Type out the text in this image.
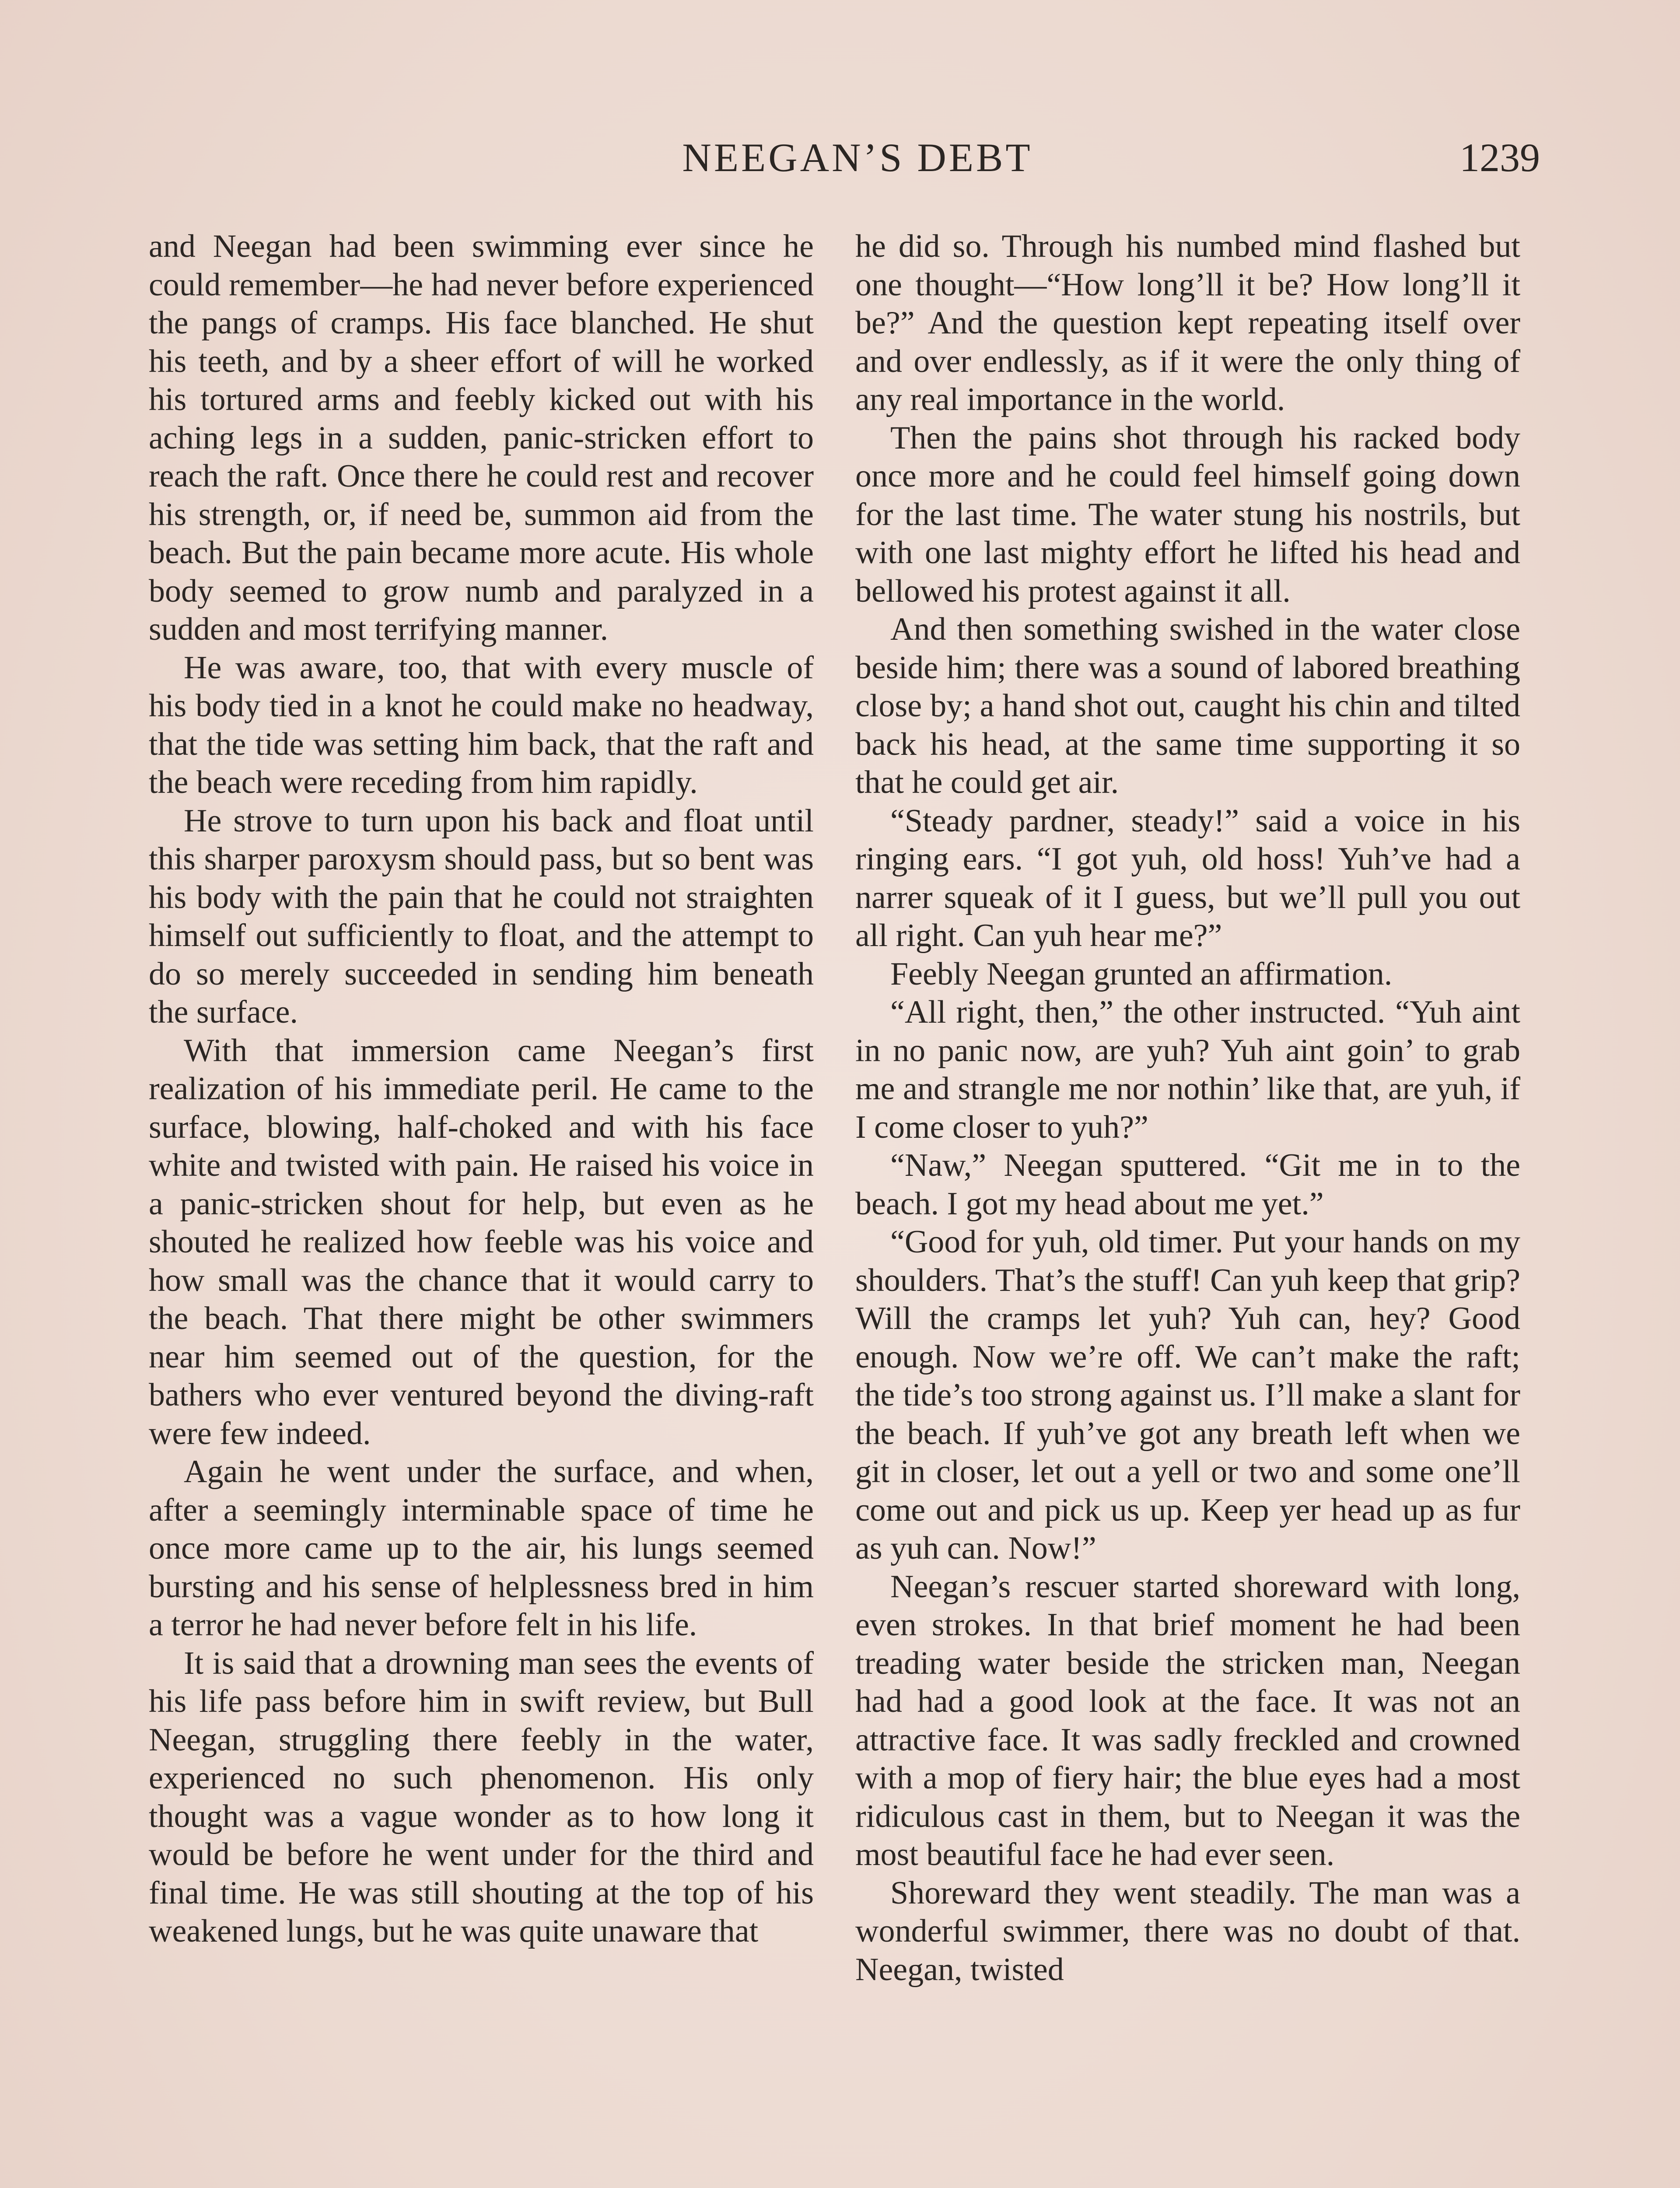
NEEGAN’S DEBT	1239

and Neegan had been swimming ever since he could remember—he had never before experienced the pangs of cramps. His face blanched. He shut his teeth, and by a sheer effort of will he worked his tortured arms and feebly kicked out with his aching legs in a sudden, panic-stricken effort to reach the raft. Once there he could rest and recover his strength, or, if need be, summon aid from the beach. But the pain became more acute. His whole body seemed to grow numb and paralyzed in a sudden and most terrifying manner.

He was aware, too, that with every muscle of his body tied in a knot he could make no headway, that the tide was setting him back, that the raft and the beach were receding from him rapidly.

He strove to turn upon his back and float until this sharper paroxysm should pass, but so bent was his body with the pain that he could not straighten himself out sufficiently to float, and the attempt to do so merely succeeded in sending him beneath the surface.

With that immersion came Neegan’s first realization of his immediate peril. He came to the surface, blowing, half-choked and with his face white and twisted with pain. He raised his voice in a panic-stricken shout for help, but even as he shouted he realized how feeble was his voice and how small was the chance that it would carry to the beach. That there might be other swimmers near him seemed out of the question, for the bathers who ever ventured beyond the diving-raft were few indeed.

Again he went under the surface, and when, after a seemingly interminable space of time he once more came up to the air, his lungs seemed bursting and his sense of helplessness bred in him a terror he had never before felt in his life.

It is said that a drowning man sees the events of his life pass before him in swift review, but Bull Neegan, struggling there feebly in the water, experienced no such phenomenon. His only thought was a vague wonder as to how long it would be before he went under for the third and final time. He was still shouting at the top of his weakened lungs, but he was quite unaware that

he did so. Through his numbed mind flashed but one thought—“How long’ll it be? How long’ll it be?” And the question kept repeating itself over and over endlessly, as if it were the only thing of any real importance in the world.

Then the pains shot through his racked body once more and he could feel himself going down for the last time. The water stung his nostrils, but with one last mighty effort he lifted his head and bellowed his protest against it all.

And then something swished in the water close beside him; there was a sound of labored breathing close by; a hand shot out, caught his chin and tilted back his head, at the same time supporting it so that he could get air.

“Steady pardner, steady!” said a voice in his ringing ears. “I got yuh, old hoss! Yuh’ve had a narrer squeak of it I guess, but we’ll pull you out all right. Can yuh hear me?”

Feebly Neegan grunted an affirmation.

“All right, then,” the other instructed. “Yuh aint in no panic now, are yuh? Yuh aint goin’ to grab me and strangle me nor nothin’ like that, are yuh, if I come closer to yuh?”

“Naw,” Neegan sputtered. “Git me in to the beach. I got my head about me yet.”

“Good for yuh, old timer. Put your hands on my shoulders. That’s the stuff! Can yuh keep that grip? Will the cramps let yuh? Yuh can, hey? Good enough. Now we’re off. We can’t make the raft; the tide’s too strong against us. I’ll make a slant for the beach. If yuh’ve got any breath left when we git in closer, let out a yell or two and some one’ll come out and pick us up. Keep yer head up as fur as yuh can. Now!”

Neegan’s rescuer started shoreward with long, even strokes. In that brief moment he had been treading water beside the stricken man, Neegan had had a good look at the face. It was not an attractive face. It was sadly freckled and crowned with a mop of fiery hair; the blue eyes had a most ridiculous cast in them, but to Neegan it was the most beautiful face he had ever seen.

Shoreward they went steadily. The man was a wonderful swimmer, there was no doubt of that. Neegan, twisted
